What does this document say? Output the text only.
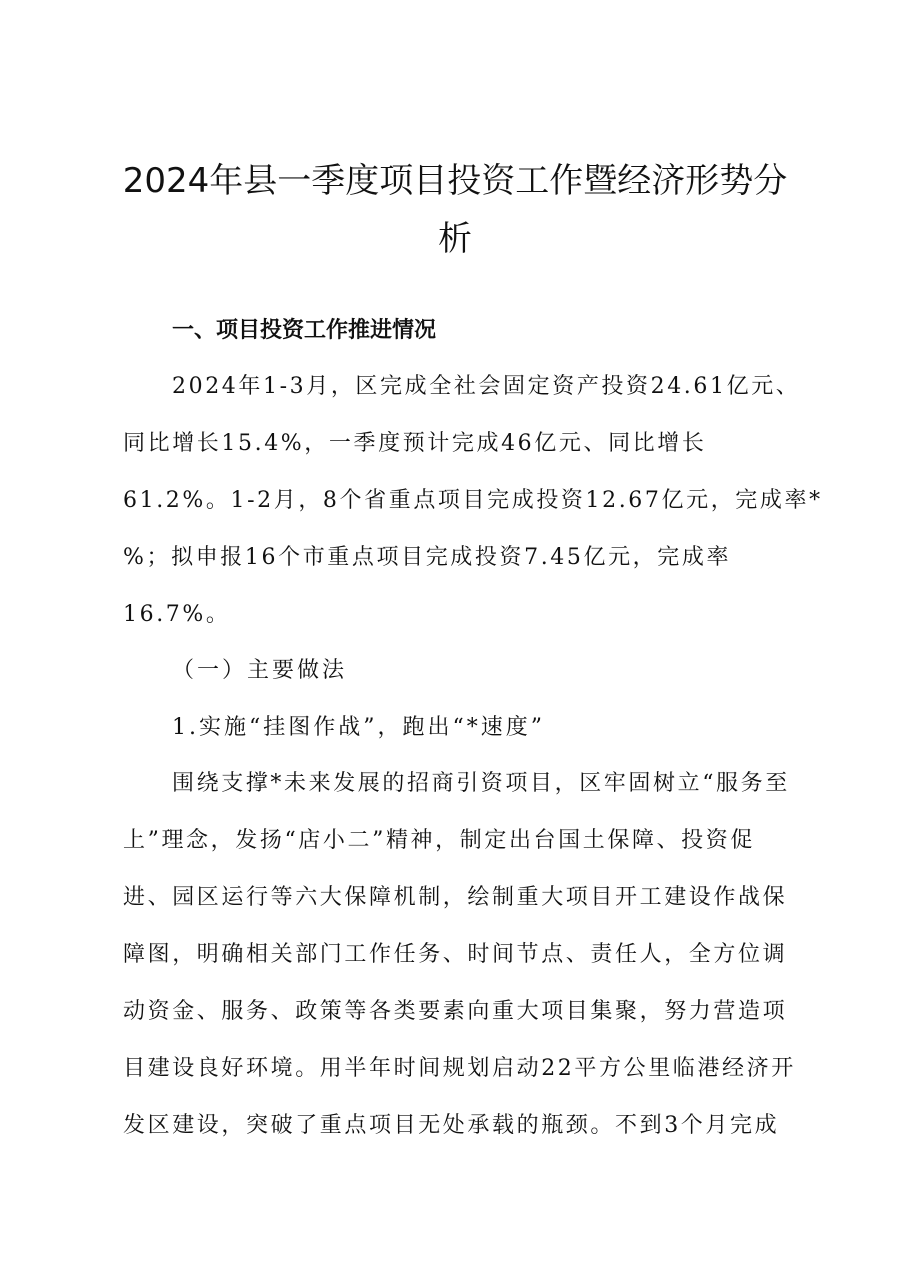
2024年县一季度项目投资工作暨经济形势分
析
一、项目投资工作推进情况
2024年1-3月，区完成全社会固定资产投资24.61亿元、
同比增长15.4%，一季度预计完成46亿元、同比增长
61.2%。1-2月，8个省重点项目完成投资12.67亿元，完成率*
%；拟申报16个市重点项目完成投资7.45亿元，完成率
16.7%。
（一）主要做法
1.实施“挂图作战”，跑出“*速度”
围绕支撑*未来发展的招商引资项目，区牢固树立“服务至
上”理念，发扬“店小二”精神，制定出台国土保障、投资促
进、园区运行等六大保障机制，绘制重大项目开工建设作战保
障图，明确相关部门工作任务、时间节点、责任人，全方位调
动资金、服务、政策等各类要素向重大项目集聚，努力营造项
目建设良好环境。用半年时间规划启动22平方公里临港经济开
发区建设，突破了重点项目无处承载的瓶颈。不到3个月完成
